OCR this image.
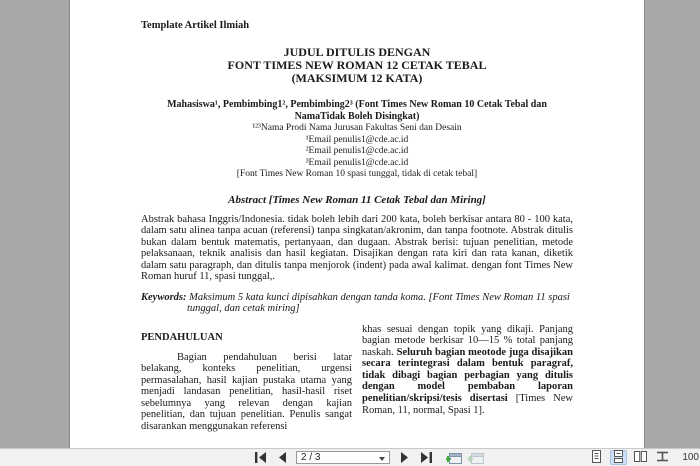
Template Artikel Ilmiah
JUDUL DITULIS DENGAN
FONT TIMES NEW ROMAN 12 CETAK TEBAL
(MAKSIMUM 12 KATA)
Mahasiswa¹, Pembimbing1², Pembimbing2³ (Font Times New Roman 10 Cetak Tebal dan
NamaTidak Boleh Disingkat)
¹²³Nama Prodi Nama Jurusan Fakultas Seni dan Desain
¹Email penulis1@cde.ac.id
²Email penulis1@cde.ac.id
³Email penulis1@cde.ac.id
[Font Times New Roman 10 spasi tunggal, tidak di cetak tebal]
Abstract [Times New Roman 11 Cetak Tebal dan Miring]
Abstrak bahasa Inggris/Indonesia. tidak boleh lebih dari 200 kata, boleh berkisar antara 80 - 100 kata, dalam satu alinea tanpa acuan (referensi) tanpa singkatan/akronim, dan tanpa footnote. Abstrak ditulis bukan dalam bentuk matematis, pertanyaan, dan dugaan. Abstrak berisi: tujuan penelitian, metode pelaksanaan, teknik analisis dan hasil kegiatan. Disajikan dengan rata kiri dan rata kanan, diketik dalam satu paragraph, dan ditulis tanpa menjorok (indent) pada awal kalimat. dengan font Times New Roman huruf 11, spasi tunggal,.
Keywords: Maksimum 5 kata kunci dipisahkan dengan tanda koma. [Font Times New Roman 11 spasi tunggal, dan cetak miring]
PENDAHULUAN

Bagian pendahuluan berisi latar belakang, konteks penelitian, urgensi permasalahan, hasil kajian pustaka utama yang menjadi landasan penelitian, hasil-hasil riset sebelumnya yang relevan dengan kajian penelitian, dan tujuan penelitian. Penulis sangat disarankan menggunakan referensi

khas sesuai dengan topik yang dikaji. Panjang bagian metode berkisar 10—15 % total panjang naskah. Seluruh bagian meotode juga disajikan secara terintegrasi dalam bentuk paragraf, tidak dibagi bagian perbagian yang ditulis dengan model pembaban laporan penelitian/skripsi/tesis disertasi [Times New Roman, 11, normal, Spasi 1].

2 / 3	100
